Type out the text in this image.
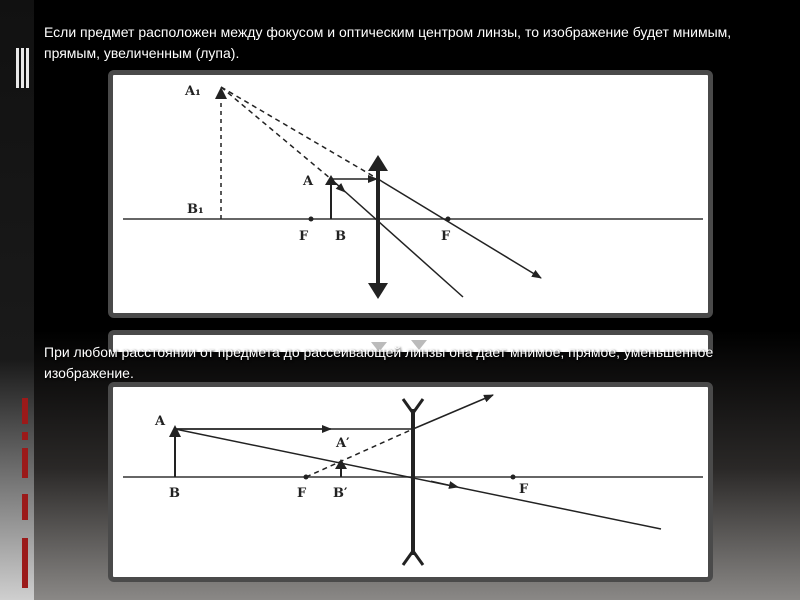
Если предмет расположен между фокусом и оптическим центром линзы, то изображение будет мнимым, прямым, увеличенным (лупа).

A₁
B₁
A
F B	F

При любом расстоянии от предмета до рассеивающей линзы она дает мнимое, прямое, уменьшенное изображение.

A
A′
B	F B′	F
